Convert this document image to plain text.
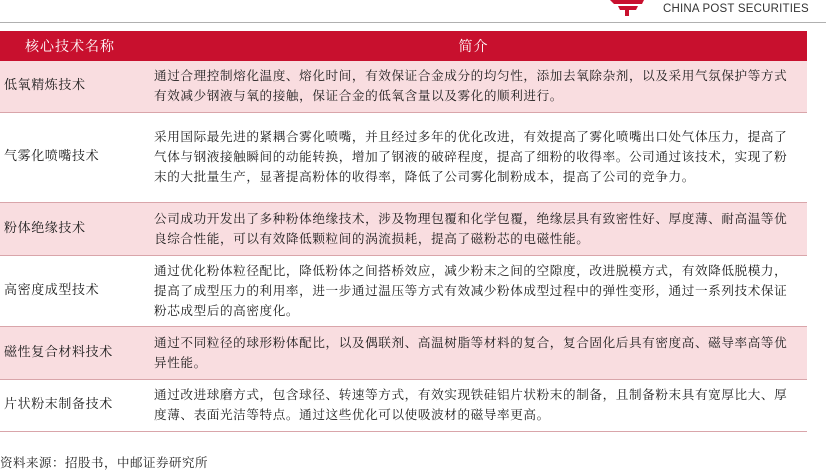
CHINA POST SECURITIES
核心技术名称	简介
低氧精炼技术	通过合理控制熔化温度、熔化时间，有效保证合金成分的均匀性，添加去氧除杂剂，以及采用气氛保护等方式有效减少钢液与氧的接触，保证合金的低氧含量以及雾化的顺利进行。
气雾化喷嘴技术	采用国际最先进的紧耦合雾化喷嘴，并且经过多年的优化改进，有效提高了雾化喷嘴出口处气体压力，提高了气体与钢液接触瞬间的动能转换，增加了钢液的破碎程度，提高了细粉的收得率。公司通过该技术，实现了粉末的大批量生产，显著提高粉体的收得率，降低了公司雾化制粉成本，提高了公司的竞争力。
粉体绝缘技术	公司成功开发出了多种粉体绝缘技术，涉及物理包覆和化学包覆，绝缘层具有致密性好、厚度薄、耐高温等优良综合性能，可以有效降低颗粒间的涡流损耗，提高了磁粉芯的电磁性能。
高密度成型技术	通过优化粉体粒径配比，降低粉体之间搭桥效应，减少粉末之间的空隙度，改进脱模方式，有效降低脱模力，提高了成型压力的利用率，进一步通过温压等方式有效减少粉体成型过程中的弹性变形，通过一系列技术保证粉芯成型后的高密度化。
磁性复合材料技术	通过不同粒径的球形粉体配比，以及偶联剂、高温树脂等材料的复合，复合固化后具有密度高、磁导率高等优异性能。
片状粉末制备技术	通过改进球磨方式，包含球径、转速等方式，有效实现铁硅铝片状粉末的制备，且制备粉末具有宽厚比大、厚度薄、表面光洁等特点。通过这些优化可以使吸波材的磁导率更高。
资料来源：招股书，中邮证券研究所
